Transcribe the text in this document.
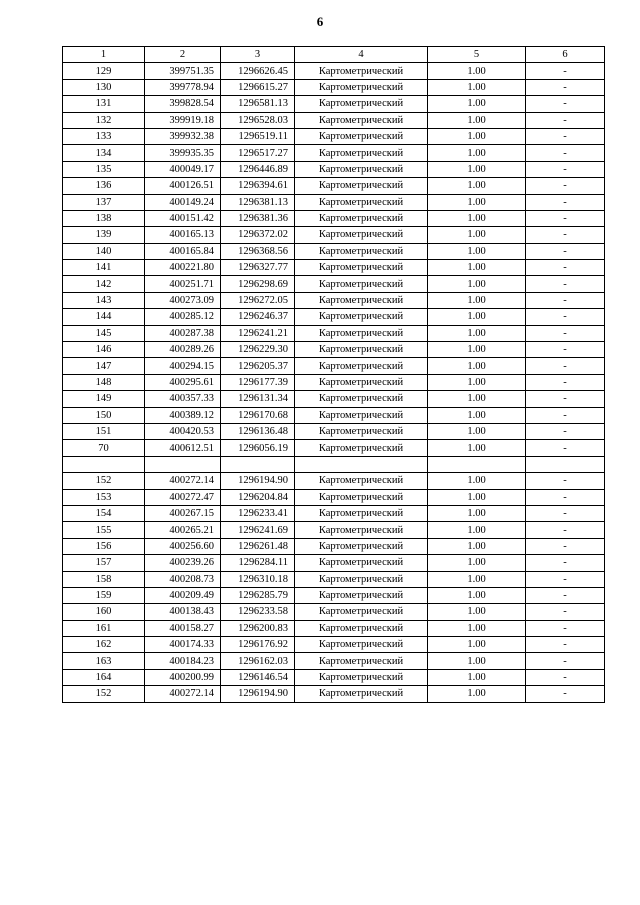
6
1	2	3	4	5	6
129	399751.35	1296626.45	Картометрический	1.00	-
130	399778.94	1296615.27	Картометрический	1.00	-
131	399828.54	1296581.13	Картометрический	1.00	-
132	399919.18	1296528.03	Картометрический	1.00	-
133	399932.38	1296519.11	Картометрический	1.00	-
134	399935.35	1296517.27	Картометрический	1.00	-
135	400049.17	1296446.89	Картометрический	1.00	-
136	400126.51	1296394.61	Картометрический	1.00	-
137	400149.24	1296381.13	Картометрический	1.00	-
138	400151.42	1296381.36	Картометрический	1.00	-
139	400165.13	1296372.02	Картометрический	1.00	-
140	400165.84	1296368.56	Картометрический	1.00	-
141	400221.80	1296327.77	Картометрический	1.00	-
142	400251.71	1296298.69	Картометрический	1.00	-
143	400273.09	1296272.05	Картометрический	1.00	-
144	400285.12	1296246.37	Картометрический	1.00	-
145	400287.38	1296241.21	Картометрический	1.00	-
146	400289.26	1296229.30	Картометрический	1.00	-
147	400294.15	1296205.37	Картометрический	1.00	-
148	400295.61	1296177.39	Картометрический	1.00	-
149	400357.33	1296131.34	Картометрический	1.00	-
150	400389.12	1296170.68	Картометрический	1.00	-
151	400420.53	1296136.48	Картометрический	1.00	-
70	400612.51	1296056.19	Картометрический	1.00	-

152	400272.14	1296194.90	Картометрический	1.00	-
153	400272.47	1296204.84	Картометрический	1.00	-
154	400267.15	1296233.41	Картометрический	1.00	-
155	400265.21	1296241.69	Картометрический	1.00	-
156	400256.60	1296261.48	Картометрический	1.00	-
157	400239.26	1296284.11	Картометрический	1.00	-
158	400208.73	1296310.18	Картометрический	1.00	-
159	400209.49	1296285.79	Картометрический	1.00	-
160	400138.43	1296233.58	Картометрический	1.00	-
161	400158.27	1296200.83	Картометрический	1.00	-
162	400174.33	1296176.92	Картометрический	1.00	-
163	400184.23	1296162.03	Картометрический	1.00	-
164	400200.99	1296146.54	Картометрический	1.00	-
152	400272.14	1296194.90	Картометрический	1.00	-
